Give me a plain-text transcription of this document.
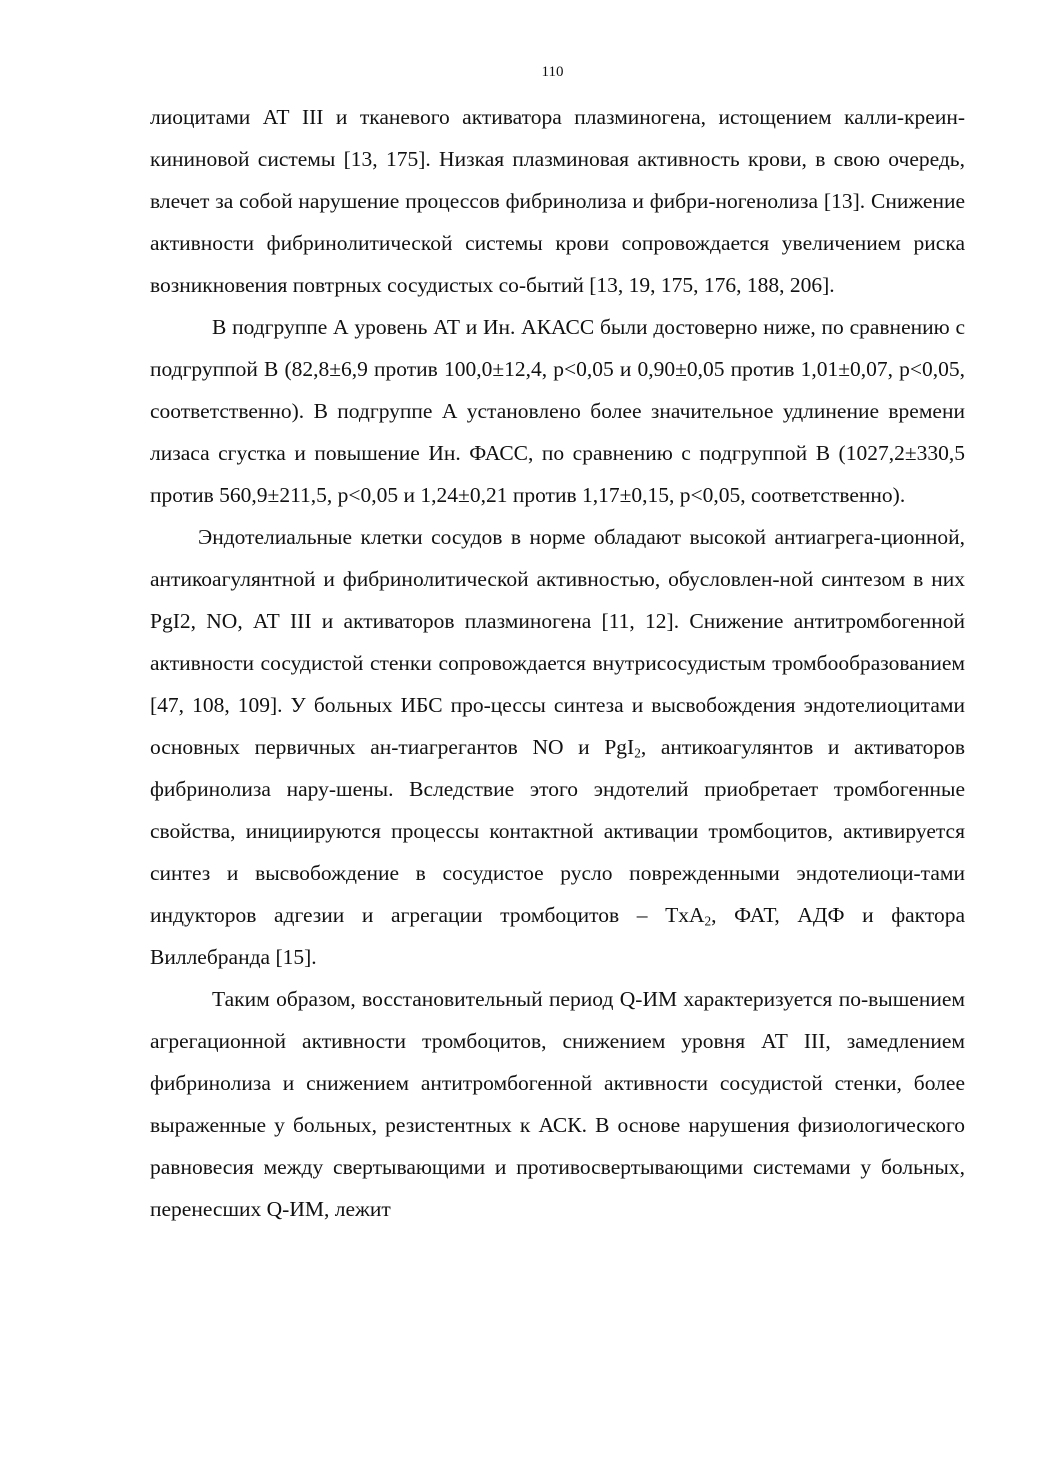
110

лиоцитами АТ III и тканевого активатора плазминогена, истощением калли-креин-кининовой системы [13, 175]. Низкая плазминовая активность крови, в свою очередь, влечет за собой нарушение процессов фибринолиза и фибри-ногенолиза [13]. Снижение активности фибринолитической системы крови сопровождается увеличением риска возникновения повтрных сосудистых со-бытий [13, 19, 175, 176, 188, 206].

В подгруппе А уровень АТ и Ин. АКАСС были достоверно ниже, по сравнению с подгруппой В (82,8±6,9 против 100,0±12,4, p<0,05 и 0,90±0,05 против 1,01±0,07, p<0,05, соответственно). В подгруппе А установлено более значительное удлинение времени лизаса сгустка и повышение Ин. ФАСС, по сравнению с подгруппой В (1027,2±330,5 против 560,9±211,5, p<0,05 и 1,24±0,21 против 1,17±0,15, p<0,05, соответственно).

Эндотелиальные клетки сосудов в норме обладают высокой антиагрега-ционной, антикоагулянтной и фибринолитической активностью, обусловлен-ной синтезом в них PgI2, NO, АТ III и активаторов плазминогена [11, 12]. Снижение антитромбогенной активности сосудистой стенки сопровождается внутрисосудистым тромбообразованием [47, 108, 109]. У больных ИБС про-цессы синтеза и высвобождения эндотелиоцитами основных первичных ан-тиагрегантов NO и PgI$_2$, антикоагулянтов и активаторов фибринолиза нару-шены. Вследствие этого эндотелий приобретает тромбогенные свойства, инициируются процессы контактной активации тромбоцитов, активируется синтез и высвобождение в сосудистое русло поврежденными эндотелиоци-тами индукторов адгезии и агрегации тромбоцитов – TxA$_2$, ФАТ, АДФ и фактора Виллебранда [15].

Таким образом, восстановительный период Q-ИМ характеризуется по-вышением агрегационной активности тромбоцитов, снижением уровня АТ III, замедлением фибринолиза и снижением антитромбогенной активности сосудистой стенки, более выраженные у больных, резистентных к АСК. В основе нарушения физиологического равновесия между свертывающими и противосвертывающими системами у больных, перенесших Q-ИМ, лежит
